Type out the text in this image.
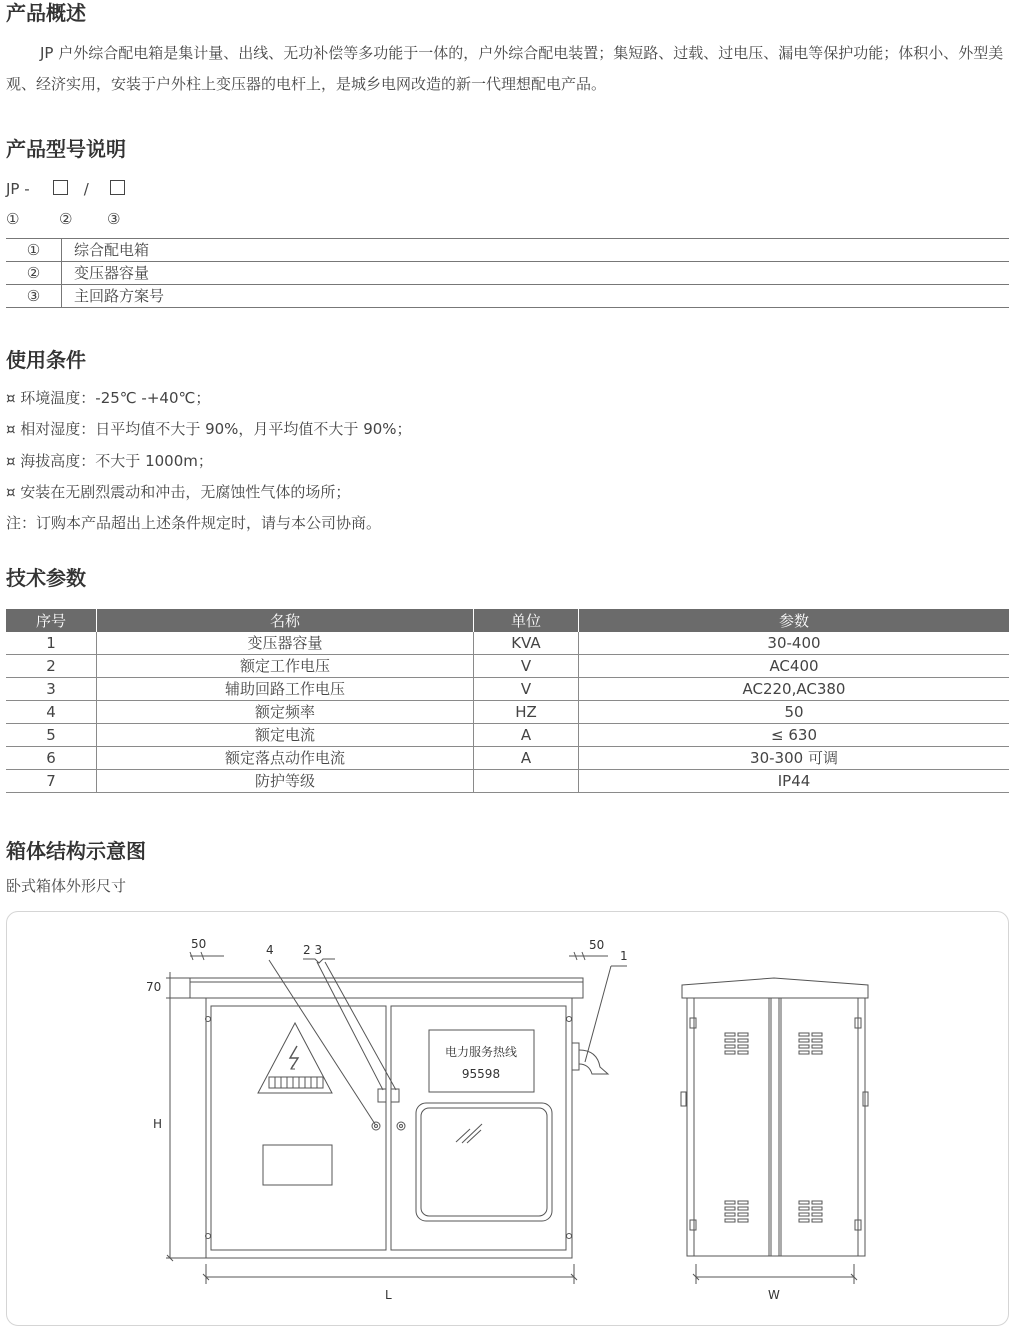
产品概述
JP 户外综合配电箱是集计量、出线、无功补偿等多功能于一体的，户外综合配电装置；集短路、过载、过电压、漏电等保护功能；体积小、外型美观、经济实用，安装于户外柱上变压器的电杆上，是城乡电网改造的新一代理想配电产品。
产品型号说明
JP -	/
①	② ③
①	综合配电箱
②	变压器容量
③	主回路方案号
使用条件
¤ 环境温度：-25℃ -+40℃；
¤ 相对湿度：日平均值不大于 90%，月平均值不大于 90%；
¤ 海拔高度：不大于 1000m；
¤ 安装在无剧烈震动和冲击，无腐蚀性气体的场所；
注：订购本产品超出上述条件规定时，请与本公司协商。
技术参数
序号	名称	单位	参数
1	变压器容量	KVA	30-400
2	额定工作电压	V	AC400
3	辅助回路工作电压	V	AC220,AC380
4	额定频率	HZ	50
5	额定电流	A	≤ 630
6	额定落点动作电流	A	30-300 可调
7	防护等级		IP44
箱体结构示意图
卧式箱体外形尺寸
电力服务热线
95598
50	50
1
4 2 3
70
H
L	W
